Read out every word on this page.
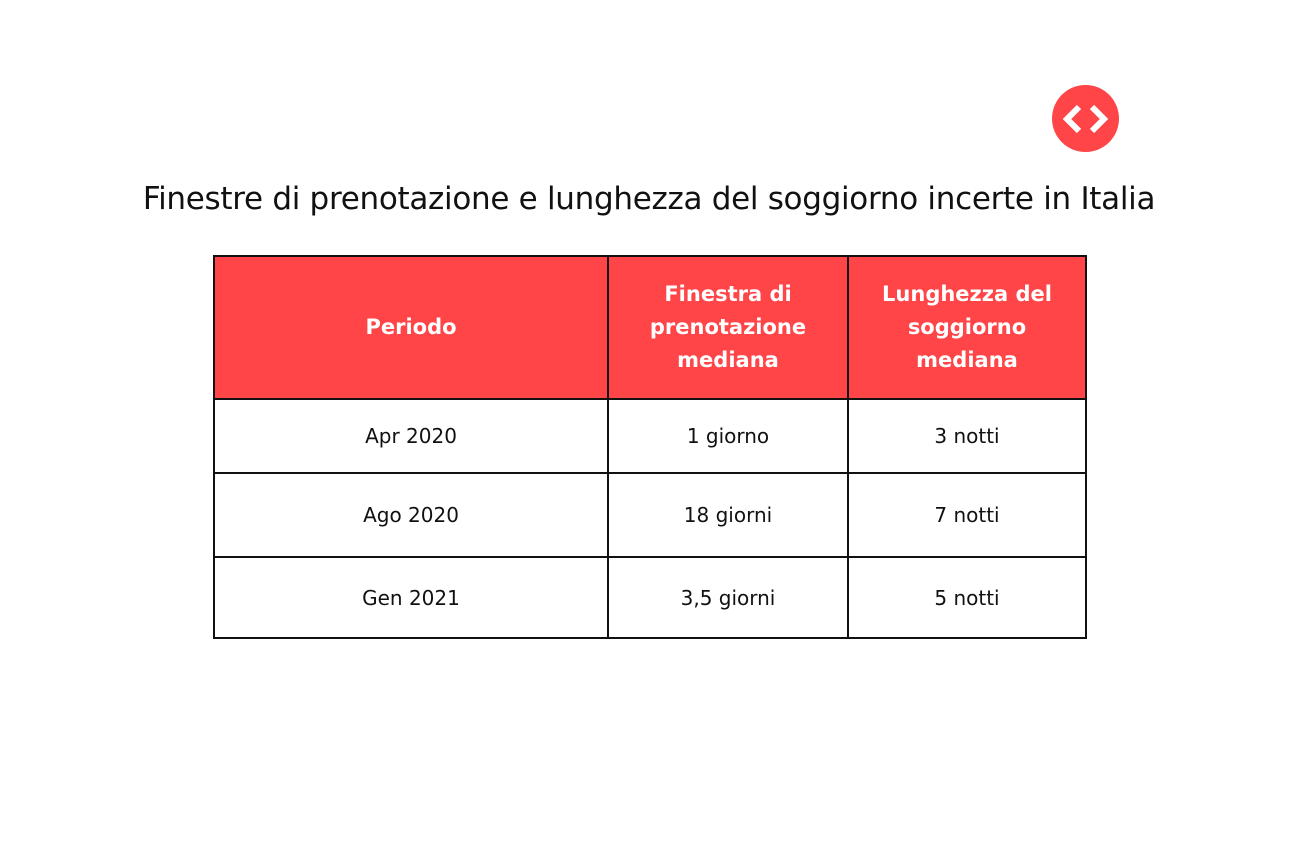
Finestre di prenotazione e lunghezza del soggiorno incerte in Italia
Periodo	Finestra di prenotazione mediana	Lunghezza del soggiorno mediana
Apr 2020	1 giorno	3 notti
Ago 2020	18 giorni	7 notti
Gen 2021	3,5 giorni	5 notti
